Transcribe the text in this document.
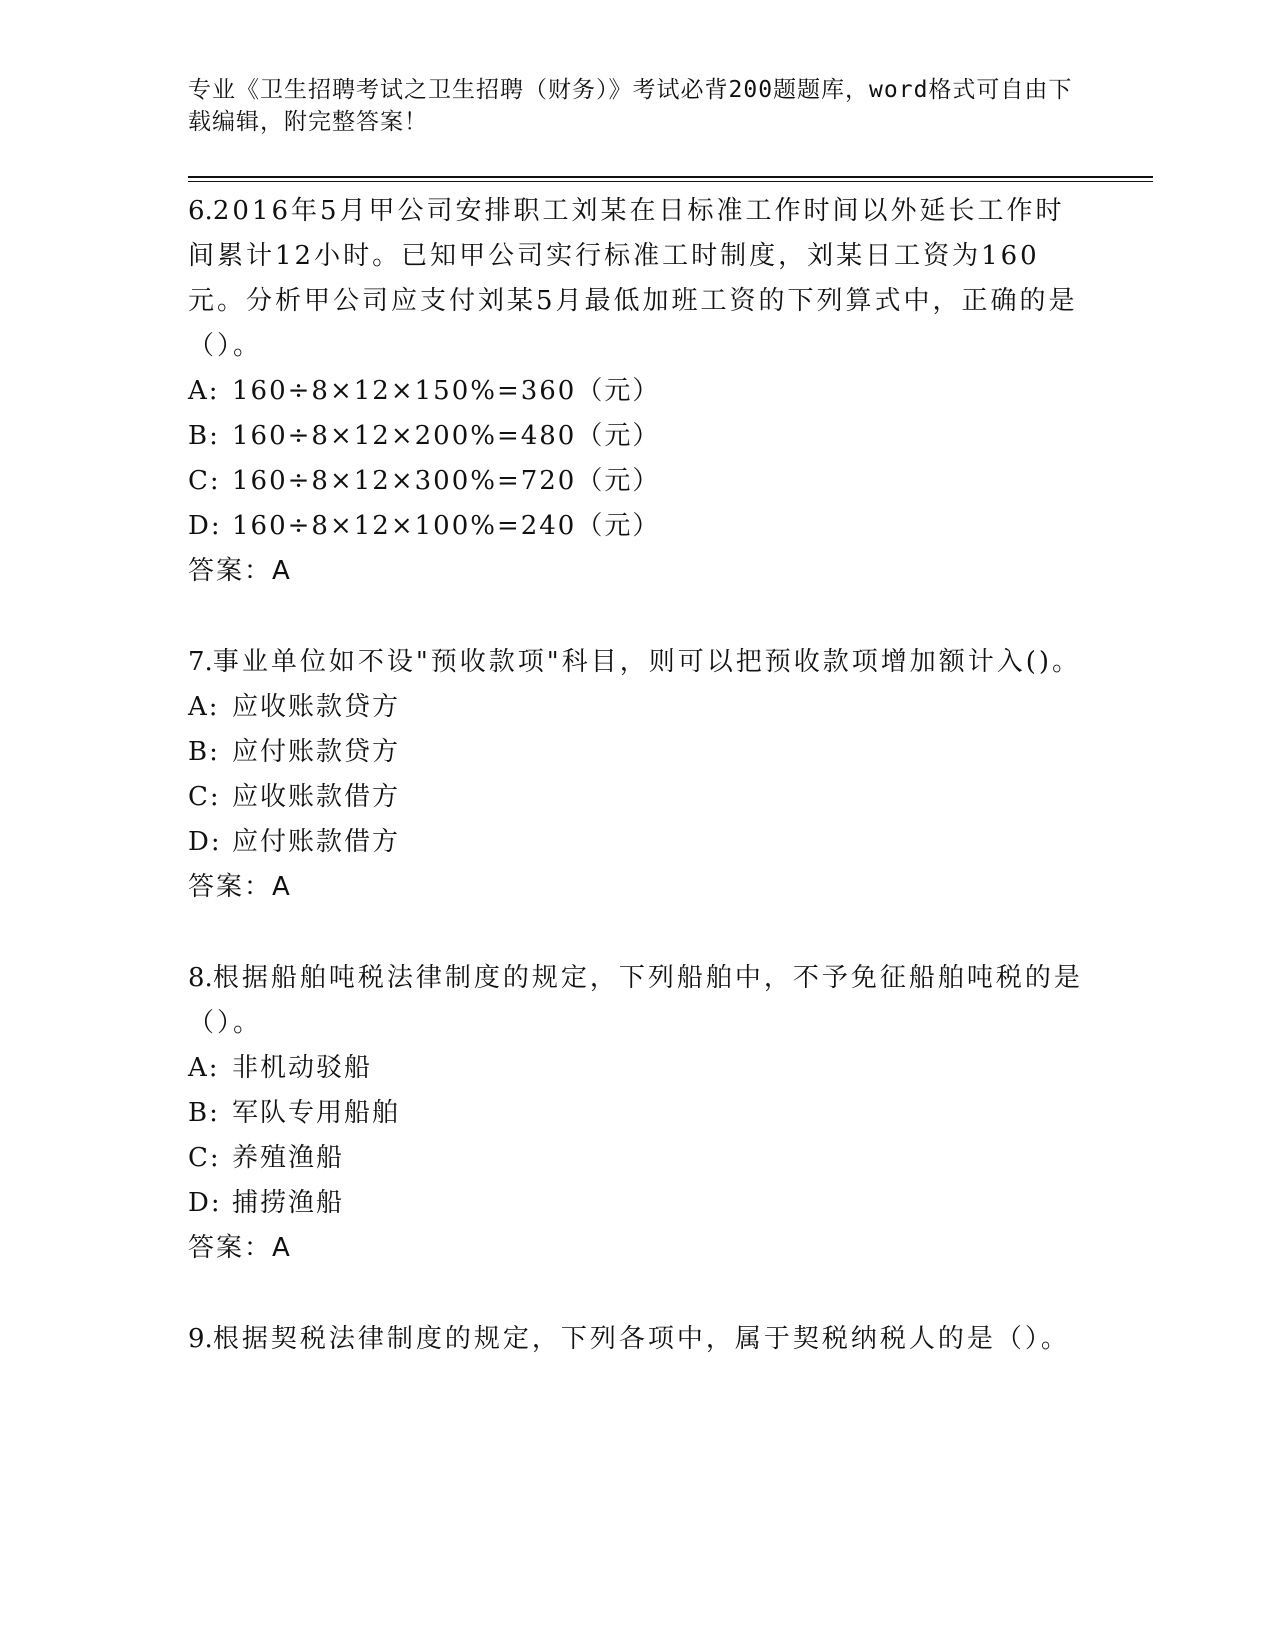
专业《卫生招聘考试之卫生招聘（财务）》考试必背200题题库，word格式可自由下载编辑，附完整答案！
6.2016年5月甲公司安排职工刘某在日标准工作时间以外延长工作时间累计12小时。已知甲公司实行标准工时制度，刘某日工资为160元。分析甲公司应支付刘某5月最低加班工资的下列算式中，正确的是（）。
A: 160÷8×12×150%=360（元）
B: 160÷8×12×200%=480（元）
C: 160÷8×12×300%=720（元）
D: 160÷8×12×100%=240（元）
答案：A
7.事业单位如不设"预收款项"科目，则可以把预收款项增加额计入()。
A: 应收账款贷方
B: 应付账款贷方
C: 应收账款借方
D: 应付账款借方
答案：A
8.根据船舶吨税法律制度的规定，下列船舶中，不予免征船舶吨税的是（）。
A: 非机动驳船
B: 军队专用船舶
C: 养殖渔船
D: 捕捞渔船
答案：A
9.根据契税法律制度的规定，下列各项中，属于契税纳税人的是（）。
